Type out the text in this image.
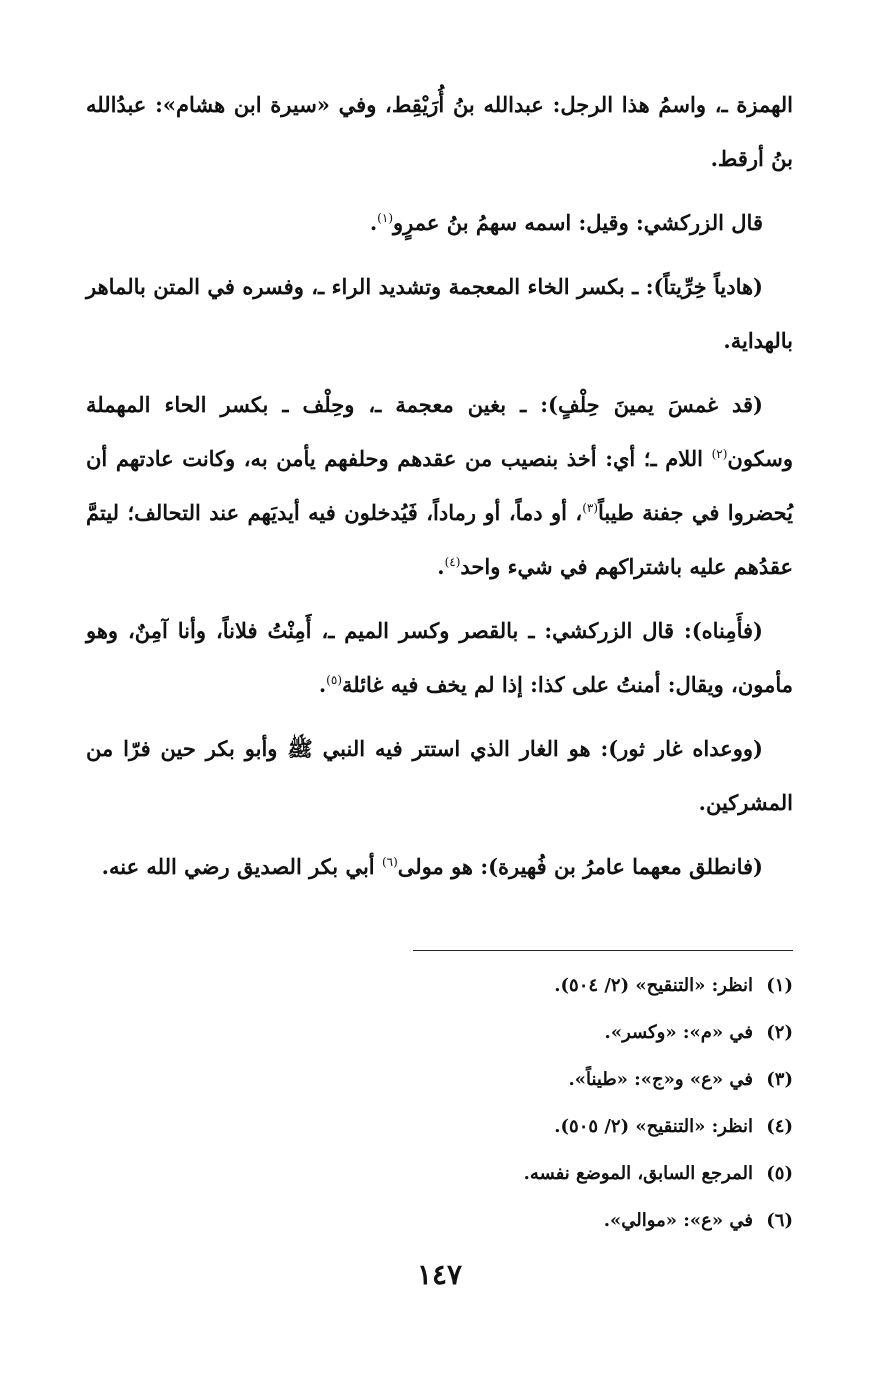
الهمزة ـ، واسمُ هذا الرجل: عبدالله بنُ أُرَيْقِط، وفي «سيرة ابن هشام»: عبدُالله بنُ أرقط.

قال الزركشي: وقيل: اسمه سهمُ بنُ عمرٍو$^{(١)}$.

(هادياً خِرِّيتاً): ـ بكسر الخاء المعجمة وتشديد الراء ـ، وفسره في المتن بالماهر بالهداية.

(قد غمسَ يمينَ حِلْفٍ): ـ بغين معجمة ـ، وحِلْف ـ بكسر الحاء المهملة وسكون$^{(٢)}$ اللام ـ؛ أي: أخذ بنصيب من عقدهم وحلفهم يأمن به، وكانت عادتهم أن يُحضروا في جفنة طيباً$^{(٣)}$، أو دماً، أو رماداً، فَيُدخلون فيه أيديَهم عند التحالف؛ ليتمَّ عقدُهم عليه باشتراكهم في شيء واحد$^{(٤)}$.

(فأَمِناه): قال الزركشي: ـ بالقصر وكسر الميم ـ، أَمِنْتُ فلاناً، وأنا آمِنٌ، وهو مأمون، ويقال: أمنتُ على كذا: إذا لم يخف فيه غائلة$^{(٥)}$.

(ووعداه غار ثور): هو الغار الذي استتر فيه النبي ﷺ وأبو بكر حين فرّا من المشركين.

(فانطلق معهما عامرُ بن فُهيرة): هو مولى$^{(٦)}$ أبي بكر الصديق رضي الله عنه.

(١)
انظر: «التنقيح» (٢/ ٥٠٤).
(٢)
في «م»: «وكسر».
(٣)
في «ع» و«ج»: «طيناً».
(٤)
انظر: «التنقيح» (٢/ ٥٠٥).
(٥)
المرجع السابق، الموضع نفسه.
(٦)
في «ع»: «موالي».
١٤٧
